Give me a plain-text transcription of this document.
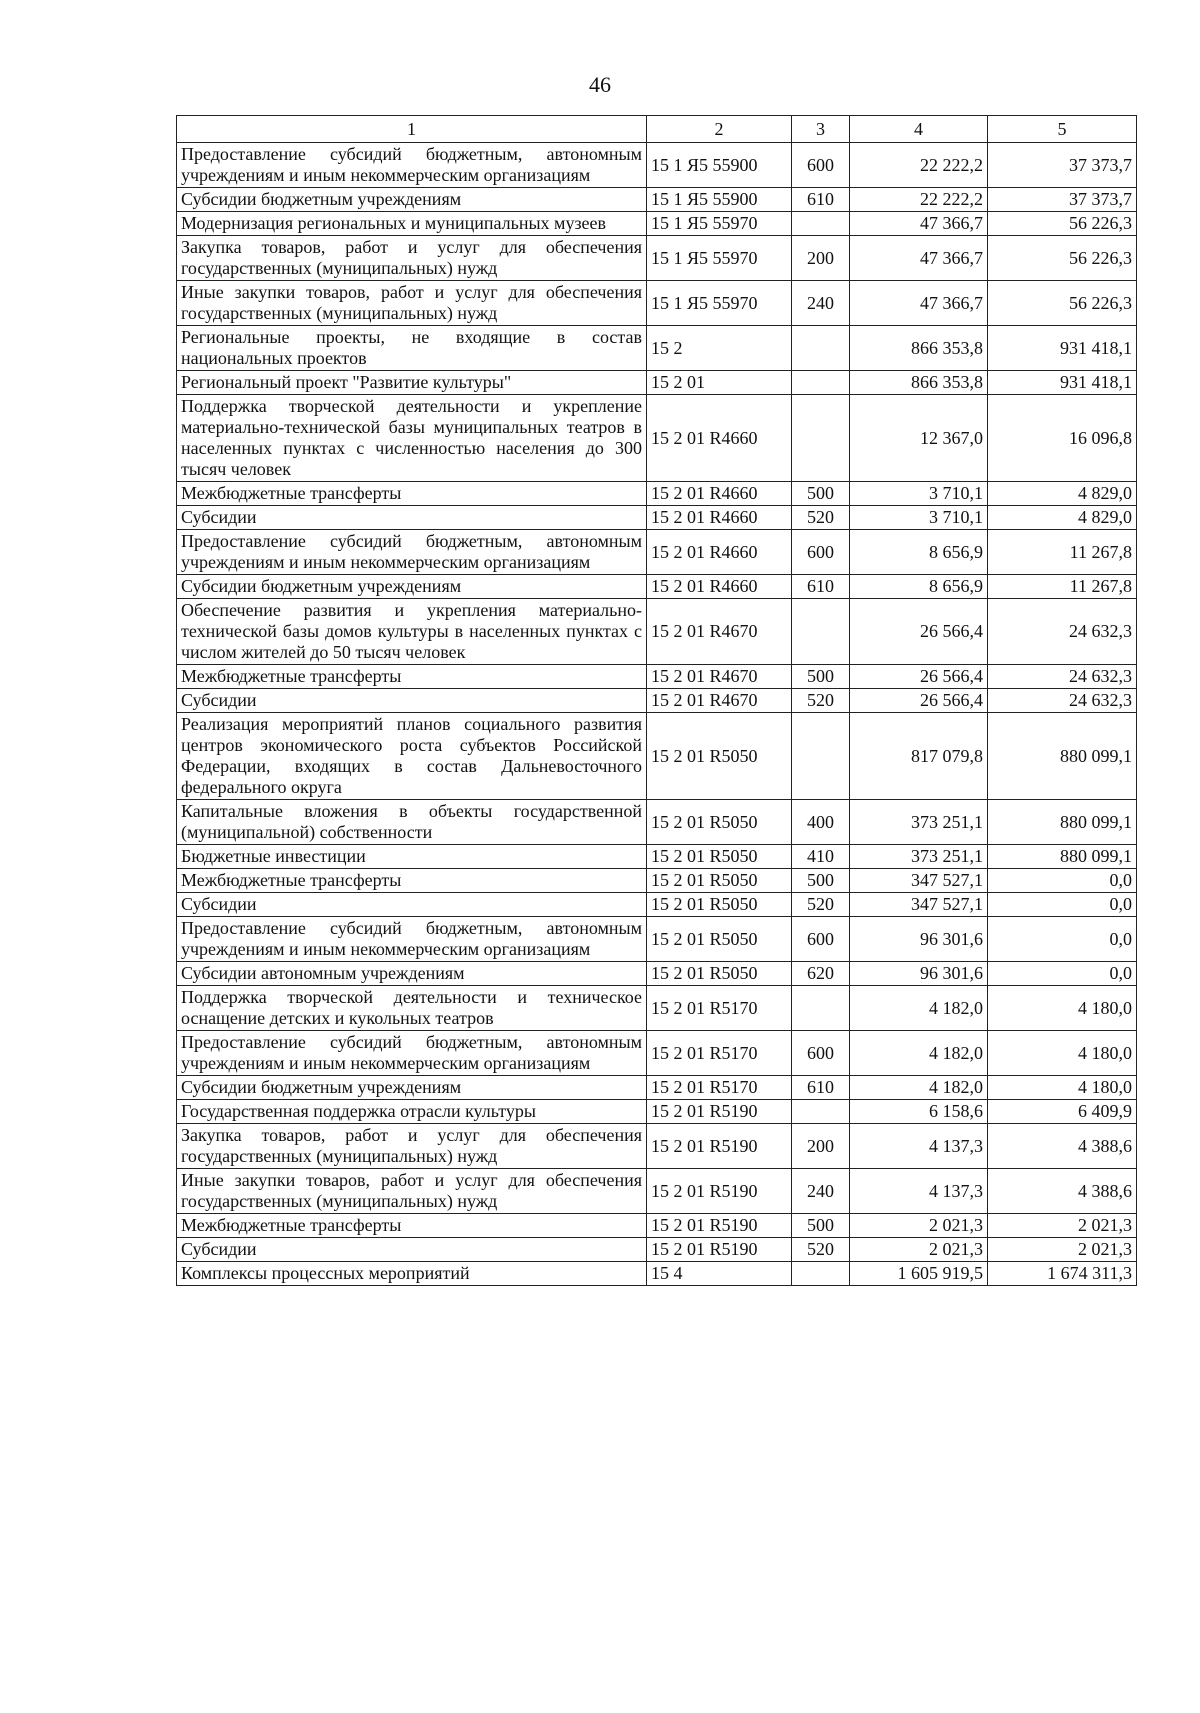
46
1	2	3	4	5
Предоставление субсидий бюджетным, автономным учреждениям и иным некоммерческим организациям	15 1 Я5 55900	600	22 222,2	37 373,7
Субсидии бюджетным учреждениям	15 1 Я5 55900	610	22 222,2	37 373,7
Модернизация региональных и муниципальных музеев	15 1 Я5 55970		47 366,7	56 226,3
Закупка товаров, работ и услуг для обеспечения государственных (муниципальных) нужд	15 1 Я5 55970	200	47 366,7	56 226,3
Иные закупки товаров, работ и услуг для обеспечения государственных (муниципальных) нужд	15 1 Я5 55970	240	47 366,7	56 226,3
Региональные проекты, не входящие в состав национальных проектов	15 2		866 353,8	931 418,1
Региональный проект "Развитие культуры"	15 2 01		866 353,8	931 418,1
Поддержка творческой деятельности и укрепление материально-технической базы муниципальных театров в населенных пунктах с численностью населения до 300 тысяч человек	15 2 01 R4660		12 367,0	16 096,8
Межбюджетные трансферты	15 2 01 R4660	500	3 710,1	4 829,0
Субсидии	15 2 01 R4660	520	3 710,1	4 829,0
Предоставление субсидий бюджетным, автономным учреждениям и иным некоммерческим организациям	15 2 01 R4660	600	8 656,9	11 267,8
Субсидии бюджетным учреждениям	15 2 01 R4660	610	8 656,9	11 267,8
Обеспечение развития и укрепления материально-технической базы домов культуры в населенных пунктах с числом жителей до 50 тысяч человек	15 2 01 R4670		26 566,4	24 632,3
Межбюджетные трансферты	15 2 01 R4670	500	26 566,4	24 632,3
Субсидии	15 2 01 R4670	520	26 566,4	24 632,3
Реализация мероприятий планов социального развития центров экономического роста субъектов Российской Федерации, входящих в состав Дальневосточного федерального округа	15 2 01 R5050		817 079,8	880 099,1
Капитальные вложения в объекты государственной (муниципальной) собственности	15 2 01 R5050	400	373 251,1	880 099,1
Бюджетные инвестиции	15 2 01 R5050	410	373 251,1	880 099,1
Межбюджетные трансферты	15 2 01 R5050	500	347 527,1	0,0
Субсидии	15 2 01 R5050	520	347 527,1	0,0
Предоставление субсидий бюджетным, автономным учреждениям и иным некоммерческим организациям	15 2 01 R5050	600	96 301,6	0,0
Субсидии автономным учреждениям	15 2 01 R5050	620	96 301,6	0,0
Поддержка творческой деятельности и техническое оснащение детских и кукольных театров	15 2 01 R5170		4 182,0	4 180,0
Предоставление субсидий бюджетным, автономным учреждениям и иным некоммерческим организациям	15 2 01 R5170	600	4 182,0	4 180,0
Субсидии бюджетным учреждениям	15 2 01 R5170	610	4 182,0	4 180,0
Государственная поддержка отрасли культуры	15 2 01 R5190		6 158,6	6 409,9
Закупка товаров, работ и услуг для обеспечения государственных (муниципальных) нужд	15 2 01 R5190	200	4 137,3	4 388,6
Иные закупки товаров, работ и услуг для обеспечения государственных (муниципальных) нужд	15 2 01 R5190	240	4 137,3	4 388,6
Межбюджетные трансферты	15 2 01 R5190	500	2 021,3	2 021,3
Субсидии	15 2 01 R5190	520	2 021,3	2 021,3
Комплексы процессных мероприятий	15 4		1 605 919,5	1 674 311,3
